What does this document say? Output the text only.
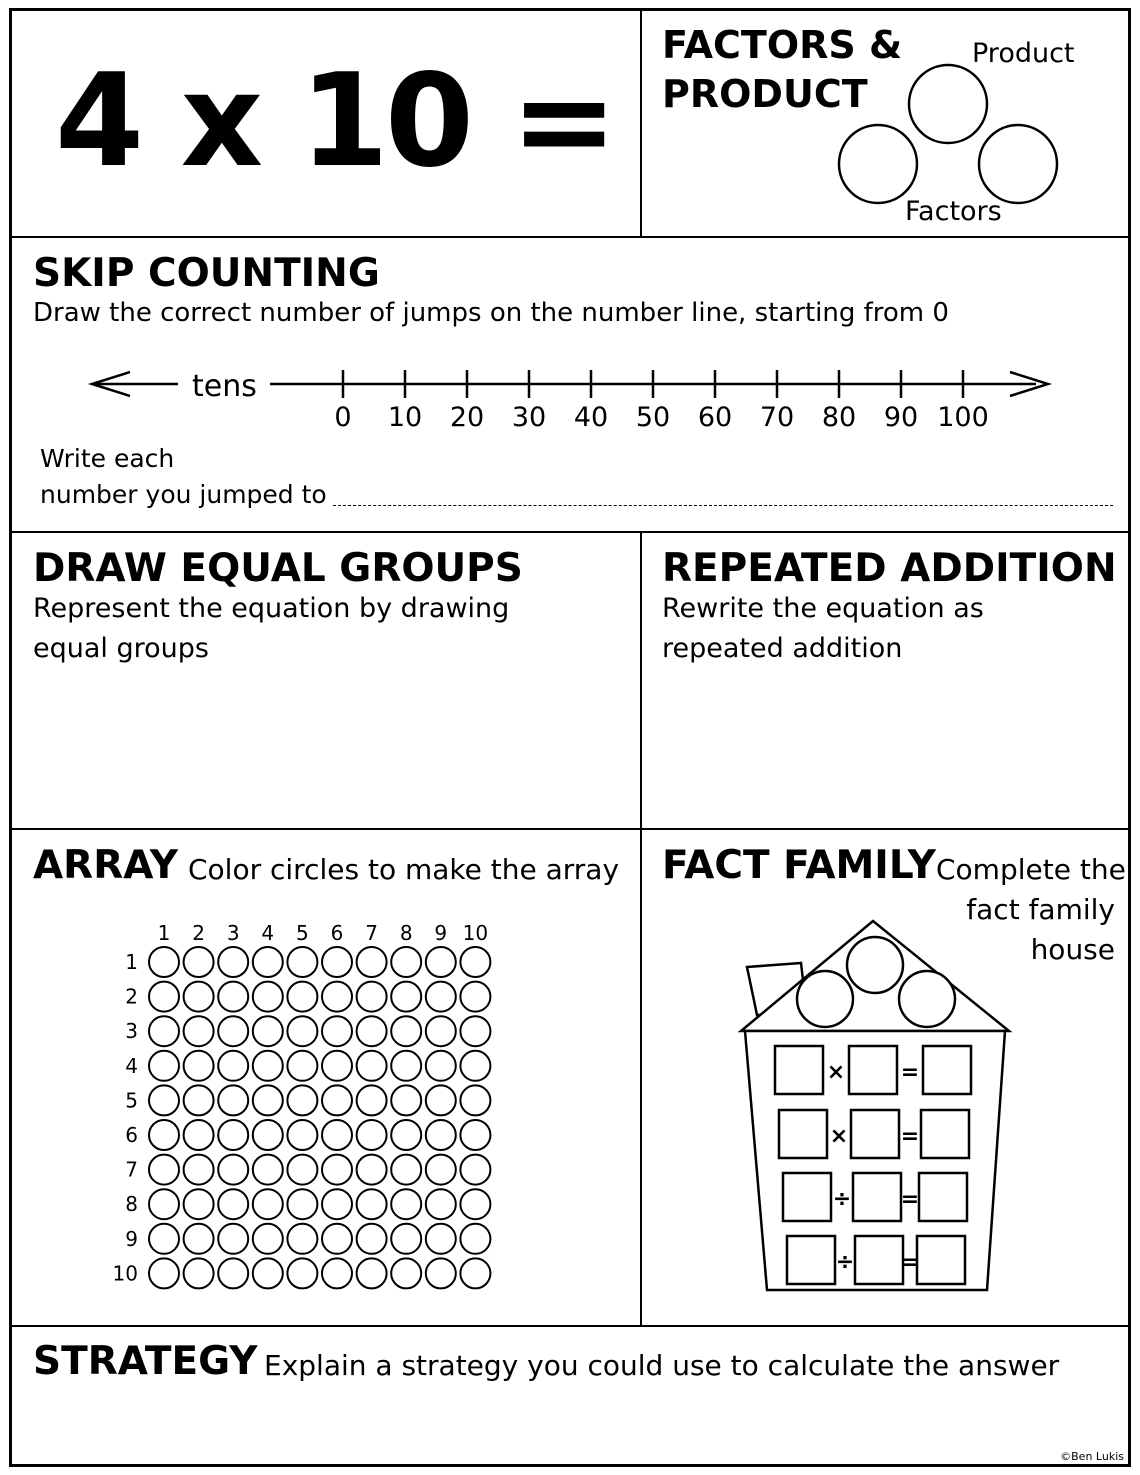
4 x 10 =
FACTORS &
PRODUCT
Product
Factors
SKIP COUNTING
Draw the correct number of jumps on the number line, starting from 0
tens
0 10 20 30 40 50 60 70 80 90 100
Write each
number you jumped to
DRAW EQUAL GROUPS
Represent the equation by drawing
equal groups
REPEATED ADDITION
Rewrite the equation as
repeated addition
ARRAY Color circles to make the array
1 2 3 4 5 6 7 8 9 10
1
2
3
4
5
6
7
8
9
10
FACT FAMILY Complete the
fact family
house
×	=
× =
÷ =
÷ =
STRATEGY Explain a strategy you could use to calculate the answer
©Ben Lukis
